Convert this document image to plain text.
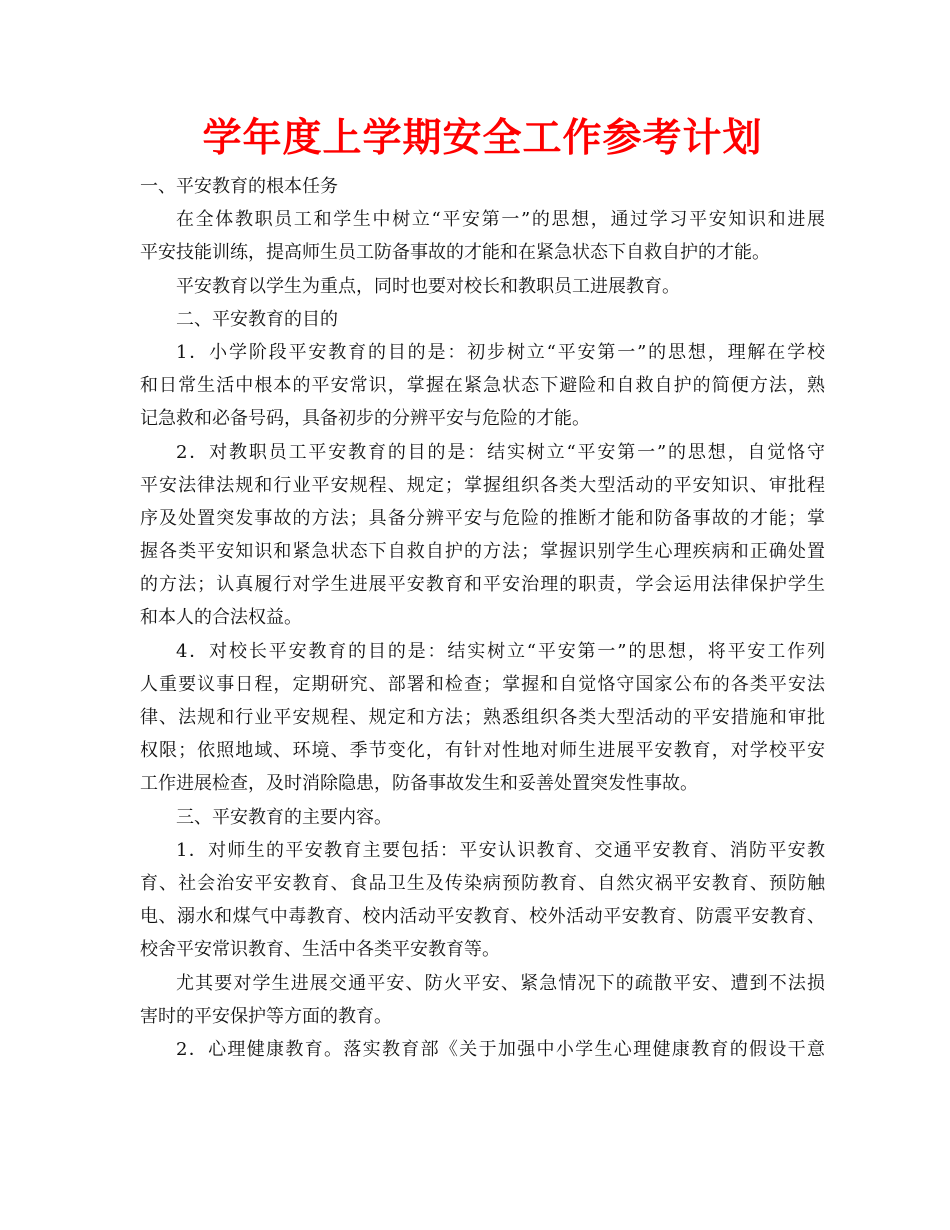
学年度上学期安全工作参考计划
一、平安教育的根本任务
在全体教职员工和学生中树立“平安第一”的思想，通过学习平安知识和进展
平安技能训练，提高师生员工防备事故的才能和在紧急状态下自救自护的才能。
平安教育以学生为重点，同时也要对校长和教职员工进展教育。
二、平安教育的目的
1．小学阶段平安教育的目的是：初步树立“平安第一”的思想，理解在学校
和日常生活中根本的平安常识，掌握在紧急状态下避险和自救自护的简便方法，熟
记急救和必备号码，具备初步的分辨平安与危险的才能。
2．对教职员工平安教育的目的是：结实树立“平安第一”的思想，自觉恪守
平安法律法规和行业平安规程、规定；掌握组织各类大型活动的平安知识、审批程
序及处置突发事故的方法；具备分辨平安与危险的推断才能和防备事故的才能；掌
握各类平安知识和紧急状态下自救自护的方法；掌握识别学生心理疾病和正确处置
的方法；认真履行对学生进展平安教育和平安治理的职责，学会运用法律保护学生
和本人的合法权益。
4．对校长平安教育的目的是：结实树立“平安第一”的思想，将平安工作列
人重要议事日程，定期研究、部署和检查；掌握和自觉恪守国家公布的各类平安法
律、法规和行业平安规程、规定和方法；熟悉组织各类大型活动的平安措施和审批
权限；依照地域、环境、季节变化，有针对性地对师生进展平安教育，对学校平安
工作进展检查，及时消除隐患，防备事故发生和妥善处置突发性事故。
三、平安教育的主要内容。
1．对师生的平安教育主要包括：平安认识教育、交通平安教育、消防平安教
育、社会治安平安教育、食品卫生及传染病预防教育、自然灾祸平安教育、预防触
电、溺水和煤气中毒教育、校内活动平安教育、校外活动平安教育、防震平安教育、
校舍平安常识教育、生活中各类平安教育等。
尤其要对学生进展交通平安、防火平安、紧急情况下的疏散平安、遭到不法损
害时的平安保护等方面的教育。
2．心理健康教育。落实教育部《关于加强中小学生心理健康教育的假设干意
